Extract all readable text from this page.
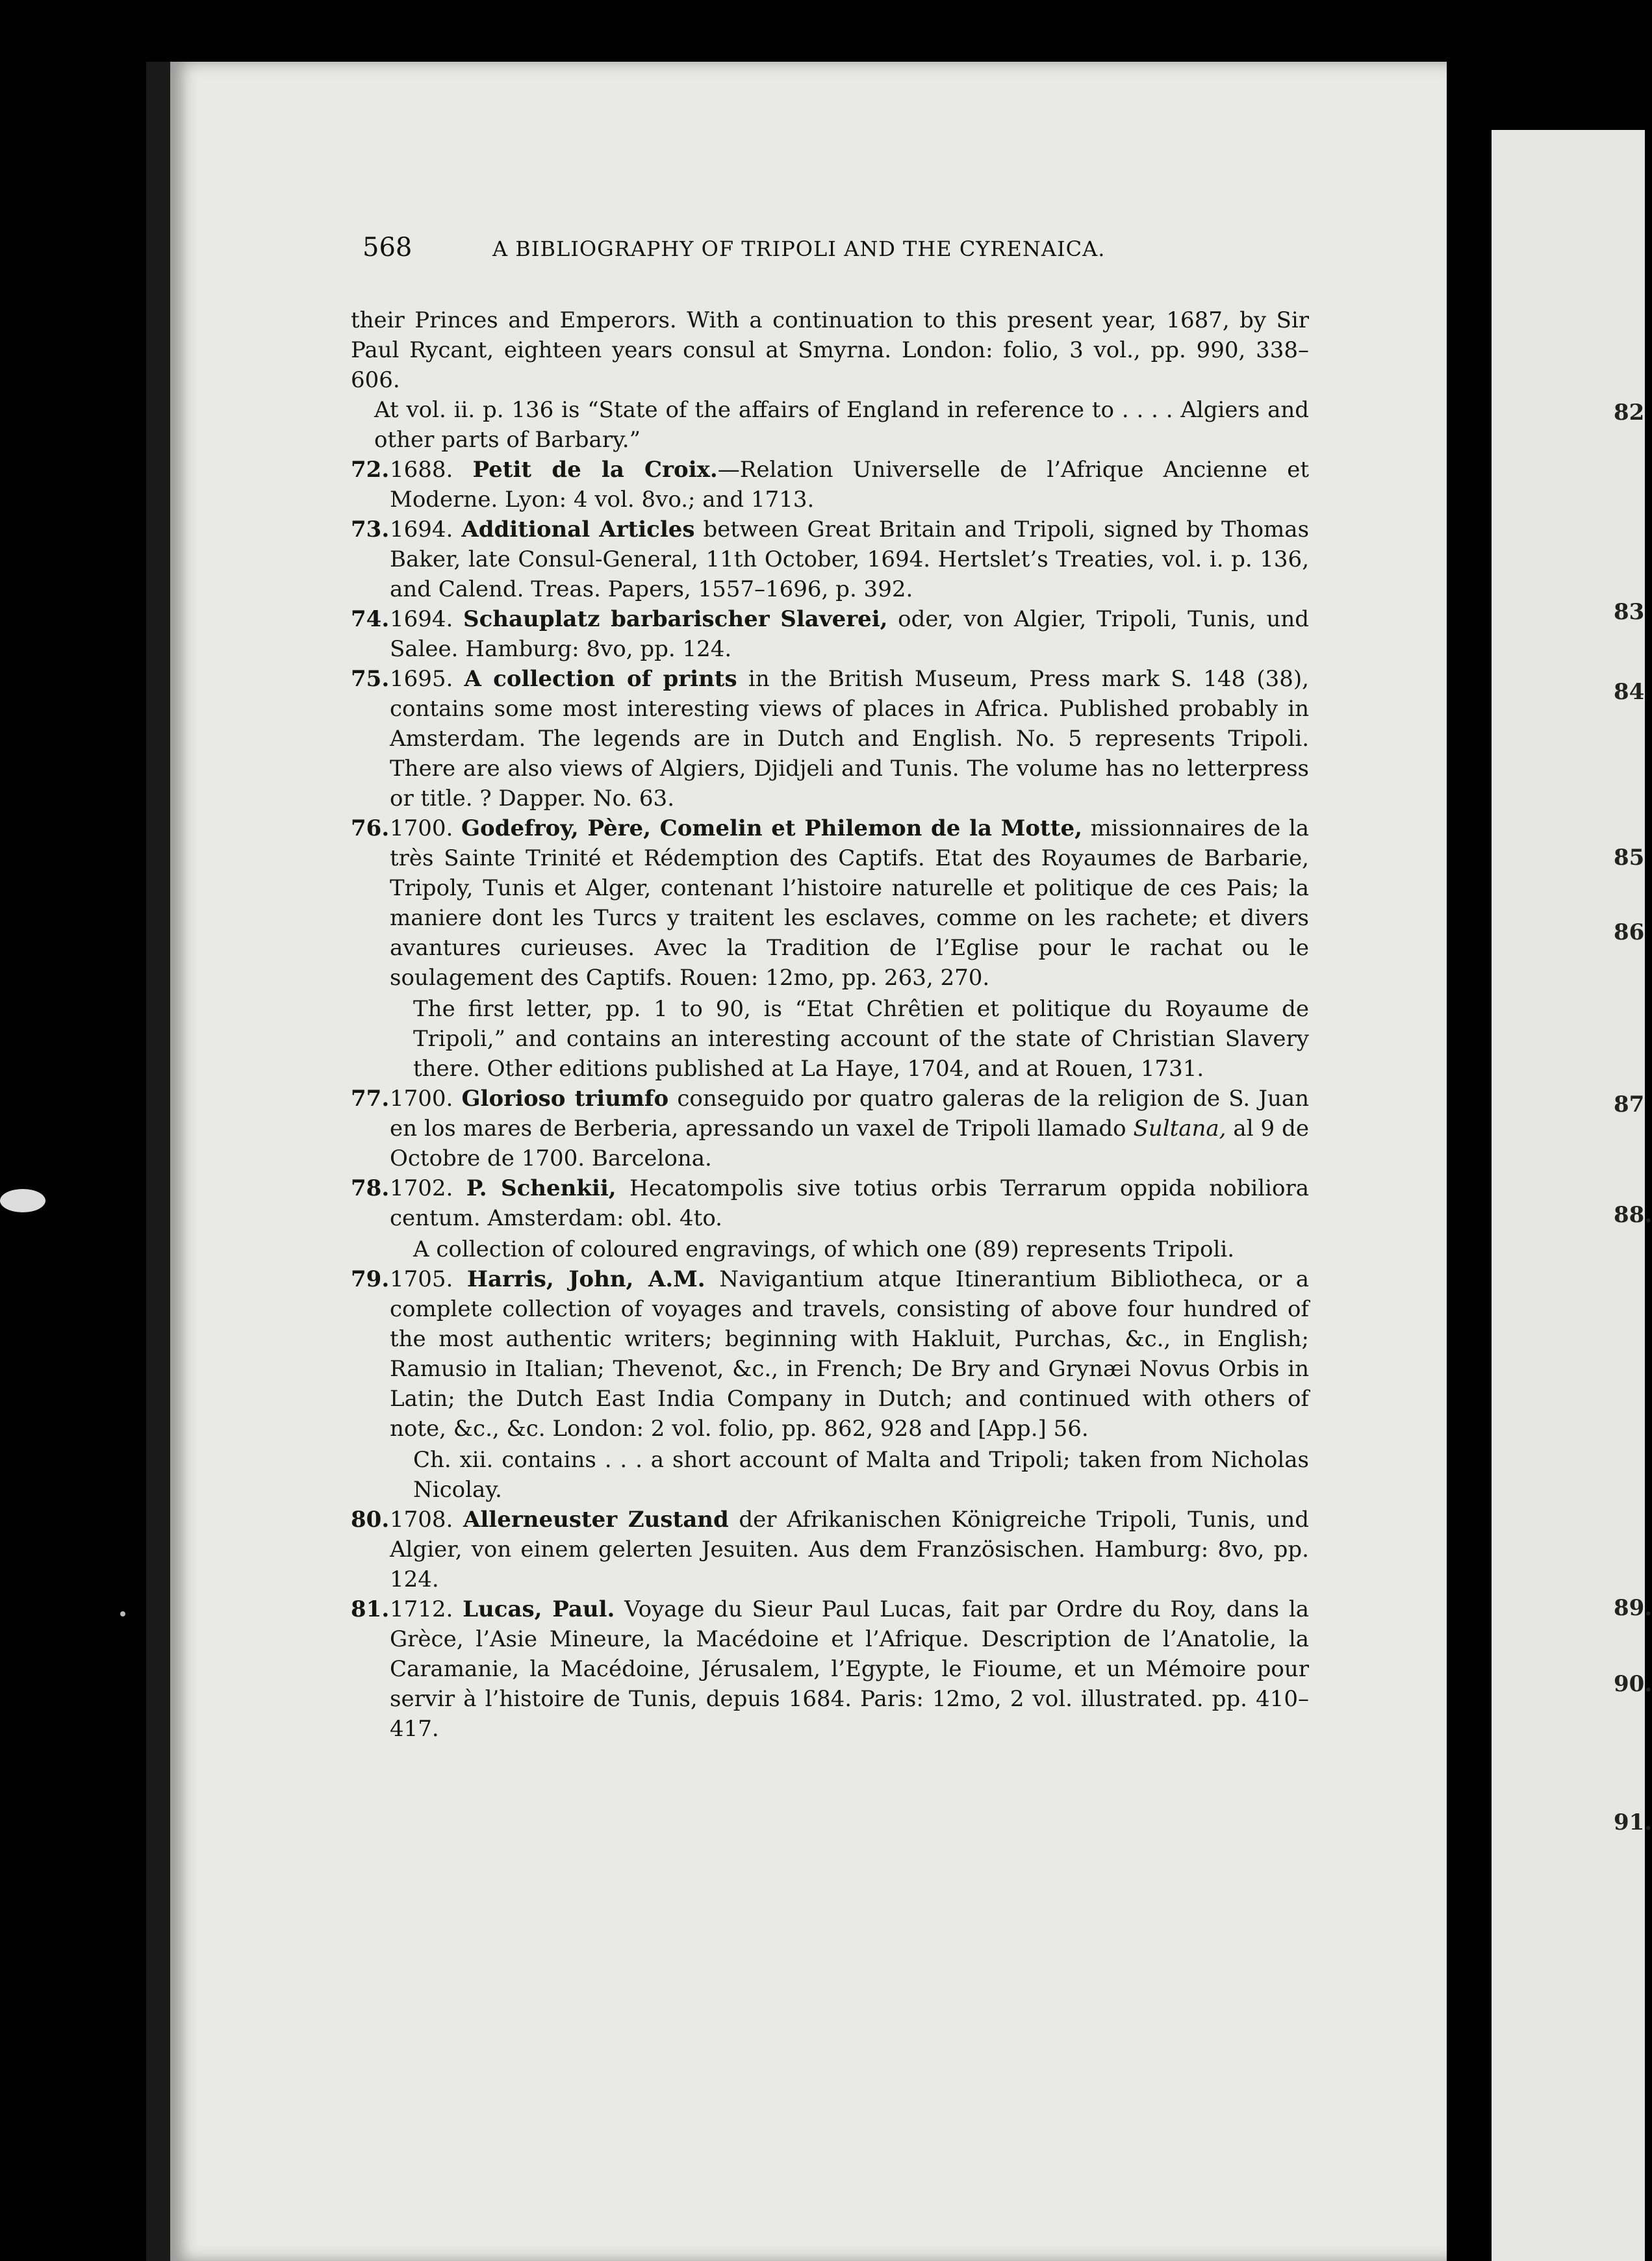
82
83
84
85
86
87
88.
89.
90.
91.
568	A BIBLIOGRAPHY OF TRIPOLI AND THE CYRENAICA.

their Princes and Emperors. With a continuation to this present year, 1687, by Sir Paul Rycant, eighteen years consul at Smyrna. London: folio, 3 vol., pp. 990, 338–606.

At vol. ii. p. 136 is “State of the affairs of England in reference to . . . . Algiers and other parts of Barbary.”

72.1688. Petit de la Croix.—Relation Universelle de l’Afrique Ancienne et Moderne. Lyon: 4 vol. 8vo.; and 1713.

73.1694. Additional Articles between Great Britain and Tripoli, signed by Thomas Baker, late Consul-General, 11th October, 1694. Hertslet’s Treaties, vol. i. p. 136, and Calend. Treas. Papers, 1557–1696, p. 392.

74.1694. Schauplatz barbarischer Slaverei, oder, von Algier, Tripoli, Tunis, und Salee. Hamburg: 8vo, pp. 124.

75.1695. A collection of prints in the British Museum, Press mark S. 148 (38), contains some most interesting views of places in Africa. Published probably in Amsterdam. The legends are in Dutch and English. No. 5 represents Tripoli. There are also views of Algiers, Djidjeli and Tunis. The volume has no letterpress or title. ? Dapper. No. 63.

76.1700. Godefroy, Père, Comelin et Philemon de la Motte, missionnaires de la très Sainte Trinité et Rédemption des Captifs. Etat des Royaumes de Barbarie, Tripoly, Tunis et Alger, contenant l’histoire naturelle et politique de ces Pais; la maniere dont les Turcs y traitent les esclaves, comme on les rachete; et divers avantures curieuses. Avec la Tradition de l’Eglise pour le rachat ou le soulagement des Captifs. Rouen: 12mo, pp. 263, 270.

The first letter, pp. 1 to 90, is “Etat Chrêtien et politique du Royaume de Tripoli,” and contains an interesting account of the state of Christian Slavery there. Other editions published at La Haye, 1704, and at Rouen, 1731.

77.1700. Glorioso triumfo conseguido por quatro galeras de la religion de S. Juan en los mares de Berberia, apressando un vaxel de Tripoli llamado Sultana, al 9 de Octobre de 1700. Barcelona.

78.1702. P. Schenkii, Hecatompolis sive totius orbis Terrarum oppida nobiliora centum. Amsterdam: obl. 4to.

A collection of coloured engravings, of which one (89) represents Tripoli.

79.1705. Harris, John, A.M. Navigantium atque Itinerantium Bibliotheca, or a complete collection of voyages and travels, consisting of above four hundred of the most authentic writers; beginning with Hakluit, Purchas, &c., in English; Ramusio in Italian; Thevenot, &c., in French; De Bry and Grynæi Novus Orbis in Latin; the Dutch East India Company in Dutch; and continued with others of note, &c., &c. London: 2 vol. folio, pp. 862, 928 and [App.] 56.

Ch. xii. contains . . . a short account of Malta and Tripoli; taken from Nicholas Nicolay.

80.1708. Allerneuster Zustand der Afrikanischen Königreiche Tripoli, Tunis, und Algier, von einem gelerten Jesuiten. Aus dem Französischen. Hamburg: 8vo, pp. 124.

81.1712. Lucas, Paul. Voyage du Sieur Paul Lucas, fait par Ordre du Roy, dans la Grèce, l’Asie Mineure, la Macédoine et l’Afrique. Description de l’Anatolie, la Caramanie, la Macédoine, Jérusalem, l’Egypte, le Fioume, et un Mémoire pour servir à l’histoire de Tunis, depuis 1684. Paris: 12mo, 2 vol. illustrated. pp. 410–417.
